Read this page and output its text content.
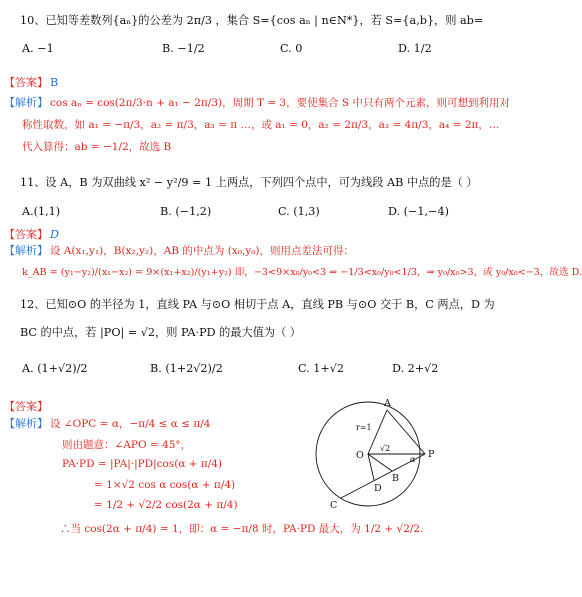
10、已知等差数列{aₙ}的公差为 2π/3 ，集合 S={cos aₙ | n∈N*}，若 S={a,b}，则 ab=
A. −1	B. −1/2	C. 0	D. 1/2
【答案】 B
【解析】 cos aₙ = cos(2π/3·n + a₁ − 2π/3)，周期 T = 3，要使集合 S 中只有两个元素，则可想到利用对
称性取数，如 a₁ = −π/3，a₂ = π/3，a₃ = π …，或 a₁ = 0，a₂ = 2π/3，a₃ = 4π/3，a₄ = 2π，…
代入算得：ab = −1/2，故选 B
11、设 A，B 为双曲线 x² − y²/9 = 1 上两点，下列四个点中，可为线段 AB 中点的是（ ）
A.(1,1)	B. (−1,2)	C. (1,3)	D. (−1,−4)
【答案】 D
【解析】 设 A(x₁,y₁)，B(x₂,y₂)，AB 的中点为 (x₀,y₀)，则用点差法可得：
k_AB = (y₁−y₂)/(x₁−x₂) = 9×(x₁+x₂)/(y₁+y₂) 即，−3<9×x₀/y₀<3 ⇒ −1/3<x₀/y₀<1/3，⇒ y₀/x₀>3，或 y₀/x₀<−3，故选 D.
12、已知⊙O 的半径为 1，直线 PA 与⊙O 相切于点 A，直线 PB 与⊙O 交于 B，C 两点，D 为
BC 的中点，若 |PO| = √2，则 PA·PD 的最大值为（ ）
A. (1+√2)/2	B. (1+2√2)/2	C. 1+√2	D. 2+√2
【答案】
【解析】 设 ∠OPC = α，−π/4 ≤ α ≤ π/4
则由题意：∠APO = 45°，
PA·PD = |PA|·|PD|cos(α + π/4)
= 1×√2 cos α cos(α + π/4)
= 1/2 + √2/2 cos(2α + π/4)
∴当 cos(2α + π/4) = 1，即：α = −π/8 时，PA·PD 最大，为 1/2 + √2/2.
A
O	P
B
C
D
r=1
√2
α
